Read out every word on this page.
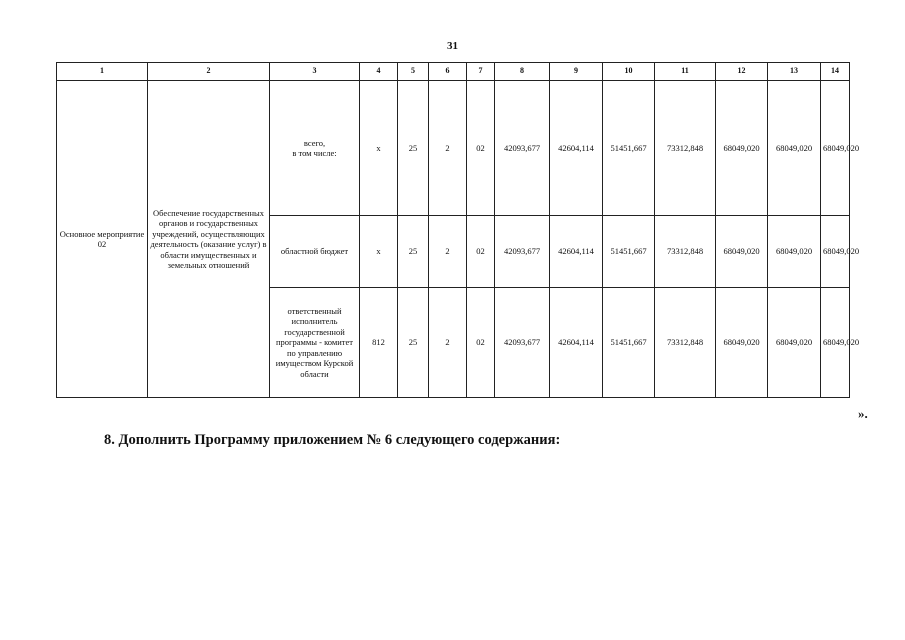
31
1	2	3	4	5	6	7	8	9	10	11	12	13	14
Основное мероприятие 02	Обеспечение государственных органов и государственных учреждений, осуществляющих деятельность (оказание услуг) в области имущественных и земельных отношений	всего,
в том числе:	x	25	2	02	42093,677	42604,114	51451,667	73312,848	68049,020	68049,020	68049,020
		областной бюджет	x	25	2	02	42093,677	42604,114	51451,667	73312,848	68049,020	68049,020	68049,020
		ответственный исполнитель государственной программы - комитет по управлению имуществом Курской области	812	25	2	02	42093,677	42604,114	51451,667	73312,848	68049,020	68049,020	68049,020
».
8. Дополнить Программу приложением № 6 следующего содержания:
